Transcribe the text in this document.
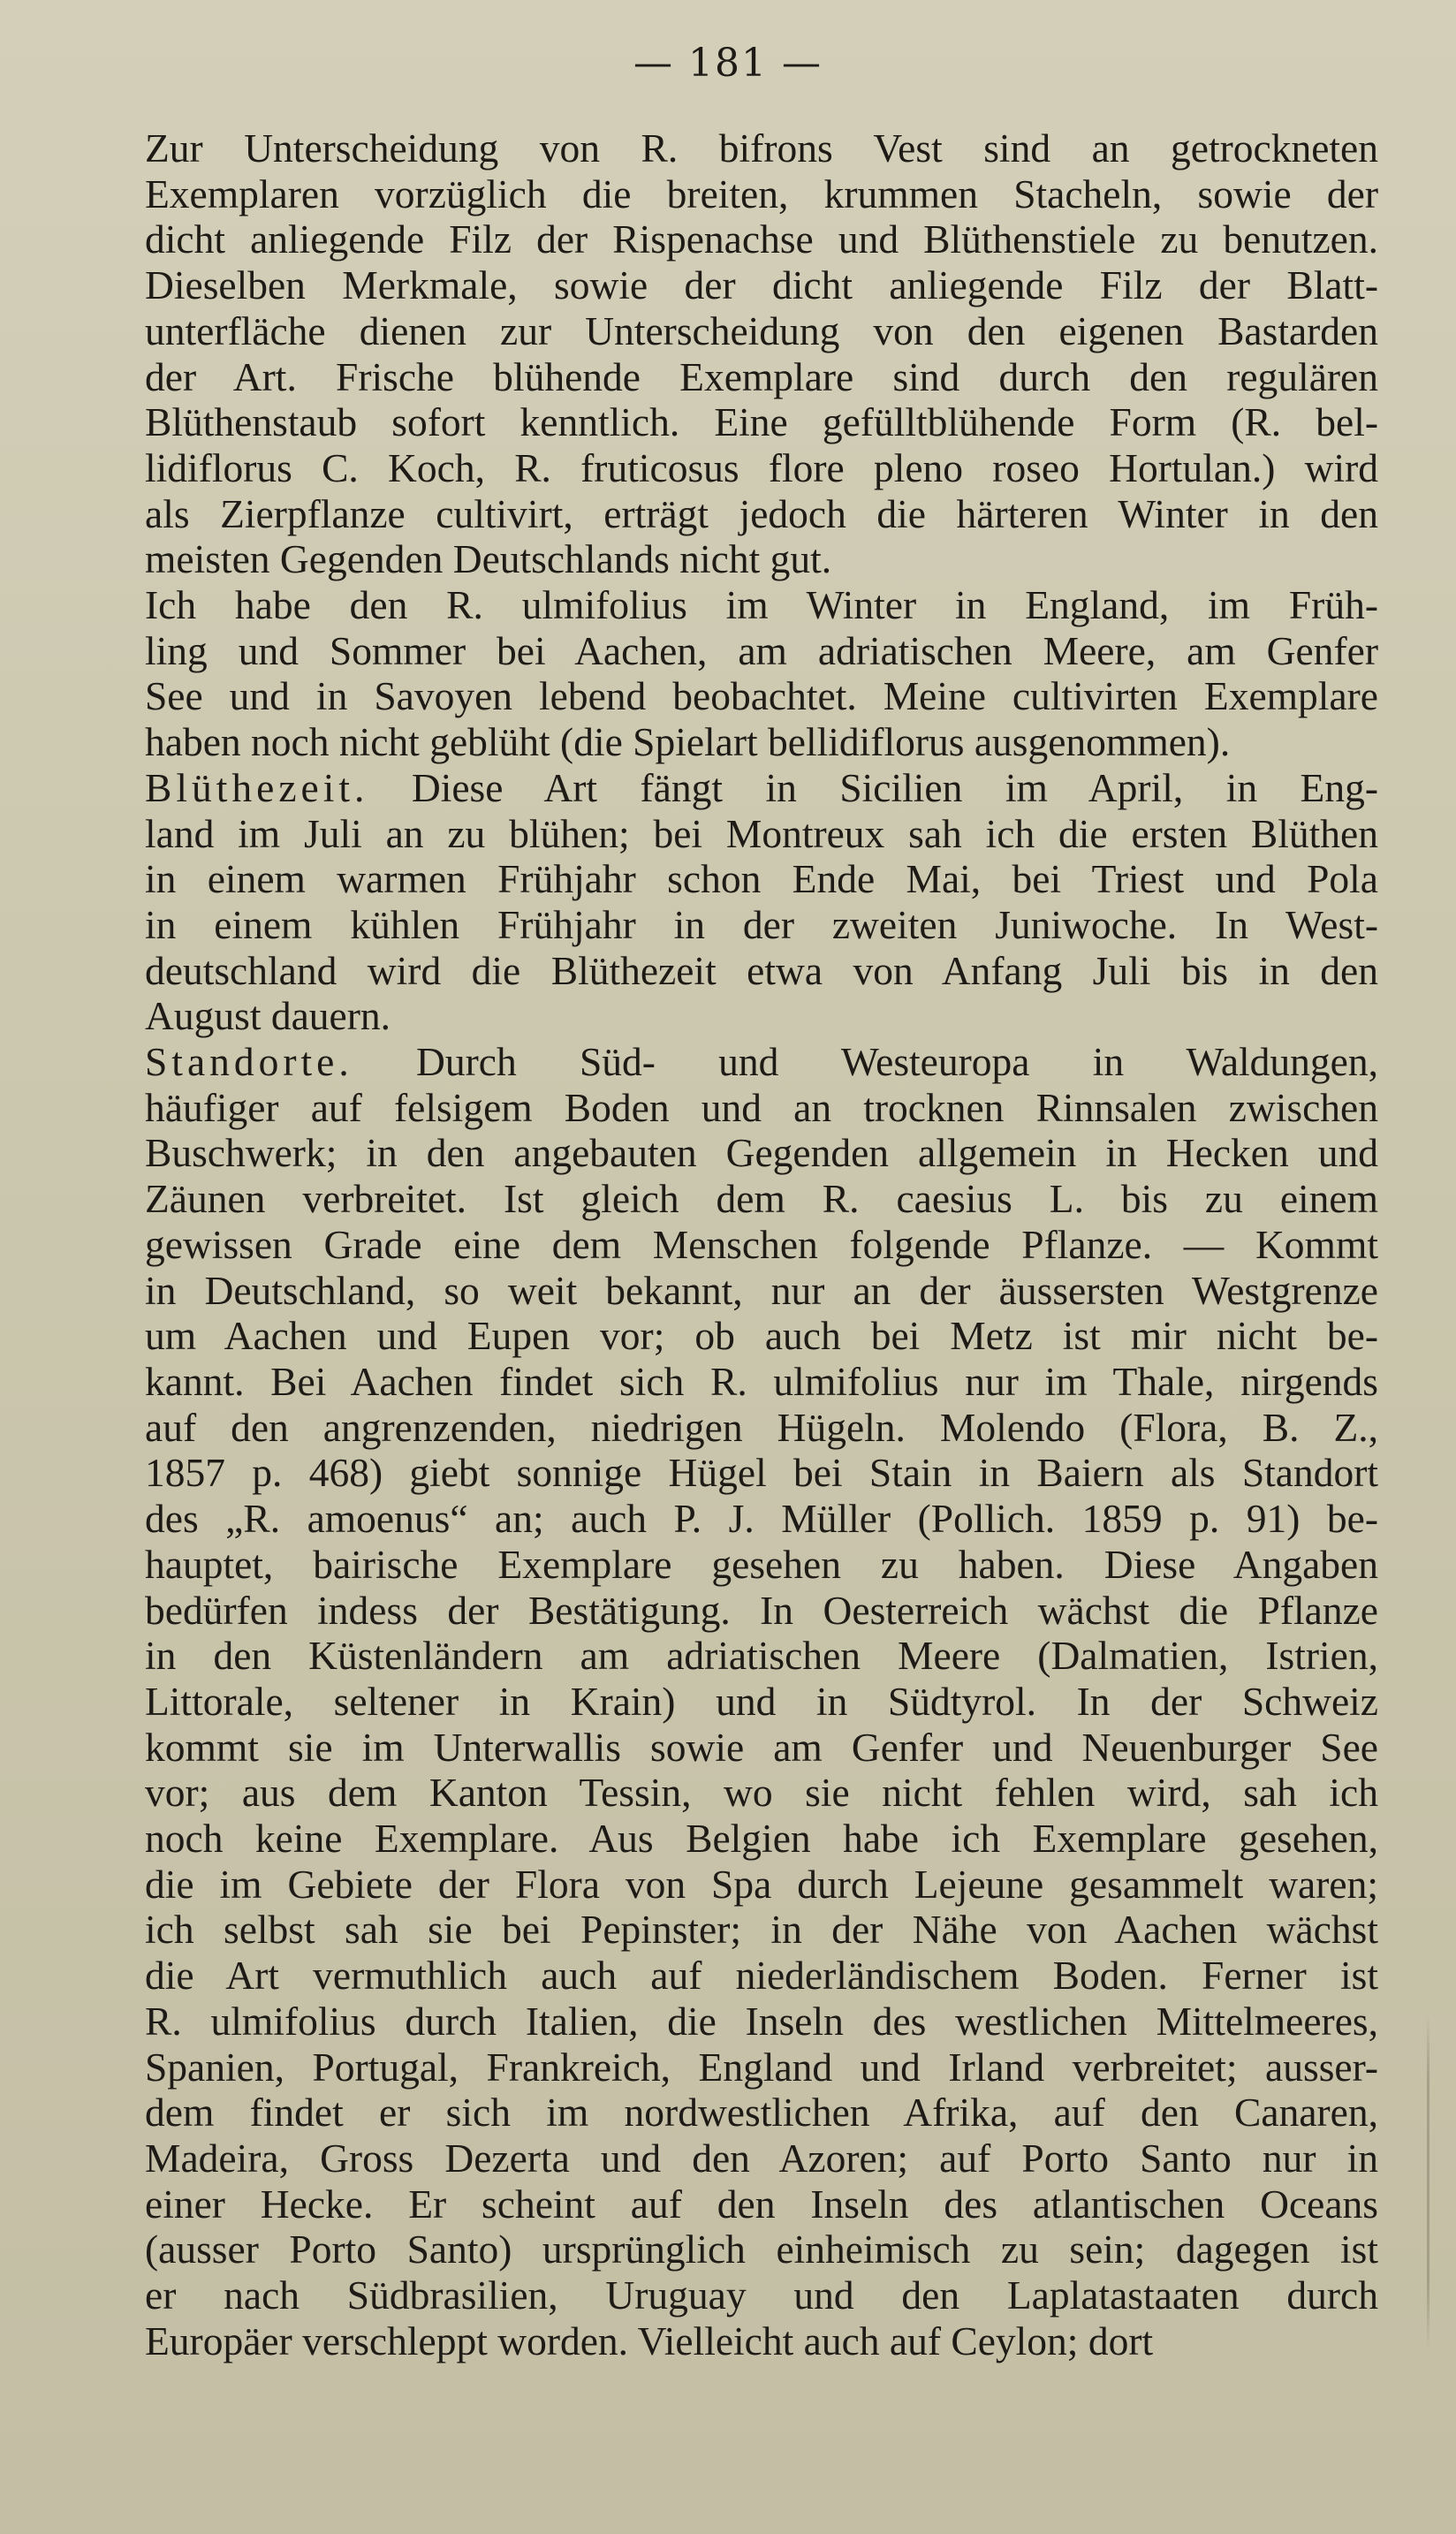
— 181 —

Zur Unterscheidung von R. bifrons Vest sind an getrockneten
Exemplaren vorzüglich die breiten, krummen Stacheln, sowie der
dicht anliegende Filz der Rispenachse und Blüthenstiele zu benutzen.
Dieselben Merkmale, sowie der dicht anliegende Filz der Blatt-
unterfläche dienen zur Unterscheidung von den eigenen Bastarden
der Art. Frische blühende Exemplare sind durch den regulären
Blüthenstaub sofort kenntlich. Eine gefülltblühende Form (R. bel-
lidiflorus C. Koch, R. fruticosus flore pleno roseo Hortulan.) wird
als Zierpflanze cultivirt, erträgt jedoch die härteren Winter in den
meisten Gegenden Deutschlands nicht gut.

Ich habe den R. ulmifolius im Winter in England, im Früh-
ling und Sommer bei Aachen, am adriatischen Meere, am Genfer
See und in Savoyen lebend beobachtet. Meine cultivirten Exemplare
haben noch nicht geblüht (die Spielart bellidiflorus ausgenommen).

Blüthezeit. Diese Art fängt in Sicilien im April, in Eng-
land im Juli an zu blühen; bei Montreux sah ich die ersten Blüthen
in einem warmen Frühjahr schon Ende Mai, bei Triest und Pola
in einem kühlen Frühjahr in der zweiten Juniwoche. In West-
deutschland wird die Blüthezeit etwa von Anfang Juli bis in den
August dauern.

Standorte. Durch Süd- und Westeuropa in Waldungen,
häufiger auf felsigem Boden und an trocknen Rinnsalen zwischen
Buschwerk; in den angebauten Gegenden allgemein in Hecken und
Zäunen verbreitet. Ist gleich dem R. caesius L. bis zu einem
gewissen Grade eine dem Menschen folgende Pflanze. — Kommt
in Deutschland, so weit bekannt, nur an der äussersten Westgrenze
um Aachen und Eupen vor; ob auch bei Metz ist mir nicht be-
kannt. Bei Aachen findet sich R. ulmifolius nur im Thale, nirgends
auf den angrenzenden, niedrigen Hügeln. Molendo (Flora, B. Z.,
1857 p. 468) giebt sonnige Hügel bei Stain in Baiern als Standort
des „R. amoenus“ an; auch P. J. Müller (Pollich. 1859 p. 91) be-
hauptet, bairische Exemplare gesehen zu haben. Diese Angaben
bedürfen indess der Bestätigung. In Oesterreich wächst die Pflanze
in den Küstenländern am adriatischen Meere (Dalmatien, Istrien,
Littorale, seltener in Krain) und in Südtyrol. In der Schweiz
kommt sie im Unterwallis sowie am Genfer und Neuenburger See
vor; aus dem Kanton Tessin, wo sie nicht fehlen wird, sah ich
noch keine Exemplare. Aus Belgien habe ich Exemplare gesehen,
die im Gebiete der Flora von Spa durch Lejeune gesammelt waren;
ich selbst sah sie bei Pepinster; in der Nähe von Aachen wächst
die Art vermuthlich auch auf niederländischem Boden. Ferner ist
R. ulmifolius durch Italien, die Inseln des westlichen Mittelmeeres,
Spanien, Portugal, Frankreich, England und Irland verbreitet; ausser-
dem findet er sich im nordwestlichen Afrika, auf den Canaren,
Madeira, Gross Dezerta und den Azoren; auf Porto Santo nur in
einer Hecke. Er scheint auf den Inseln des atlantischen Oceans
(ausser Porto Santo) ursprünglich einheimisch zu sein; dagegen ist
er nach Südbrasilien, Uruguay und den Laplatastaaten durch
Europäer verschleppt worden. Vielleicht auch auf Ceylon; dort
